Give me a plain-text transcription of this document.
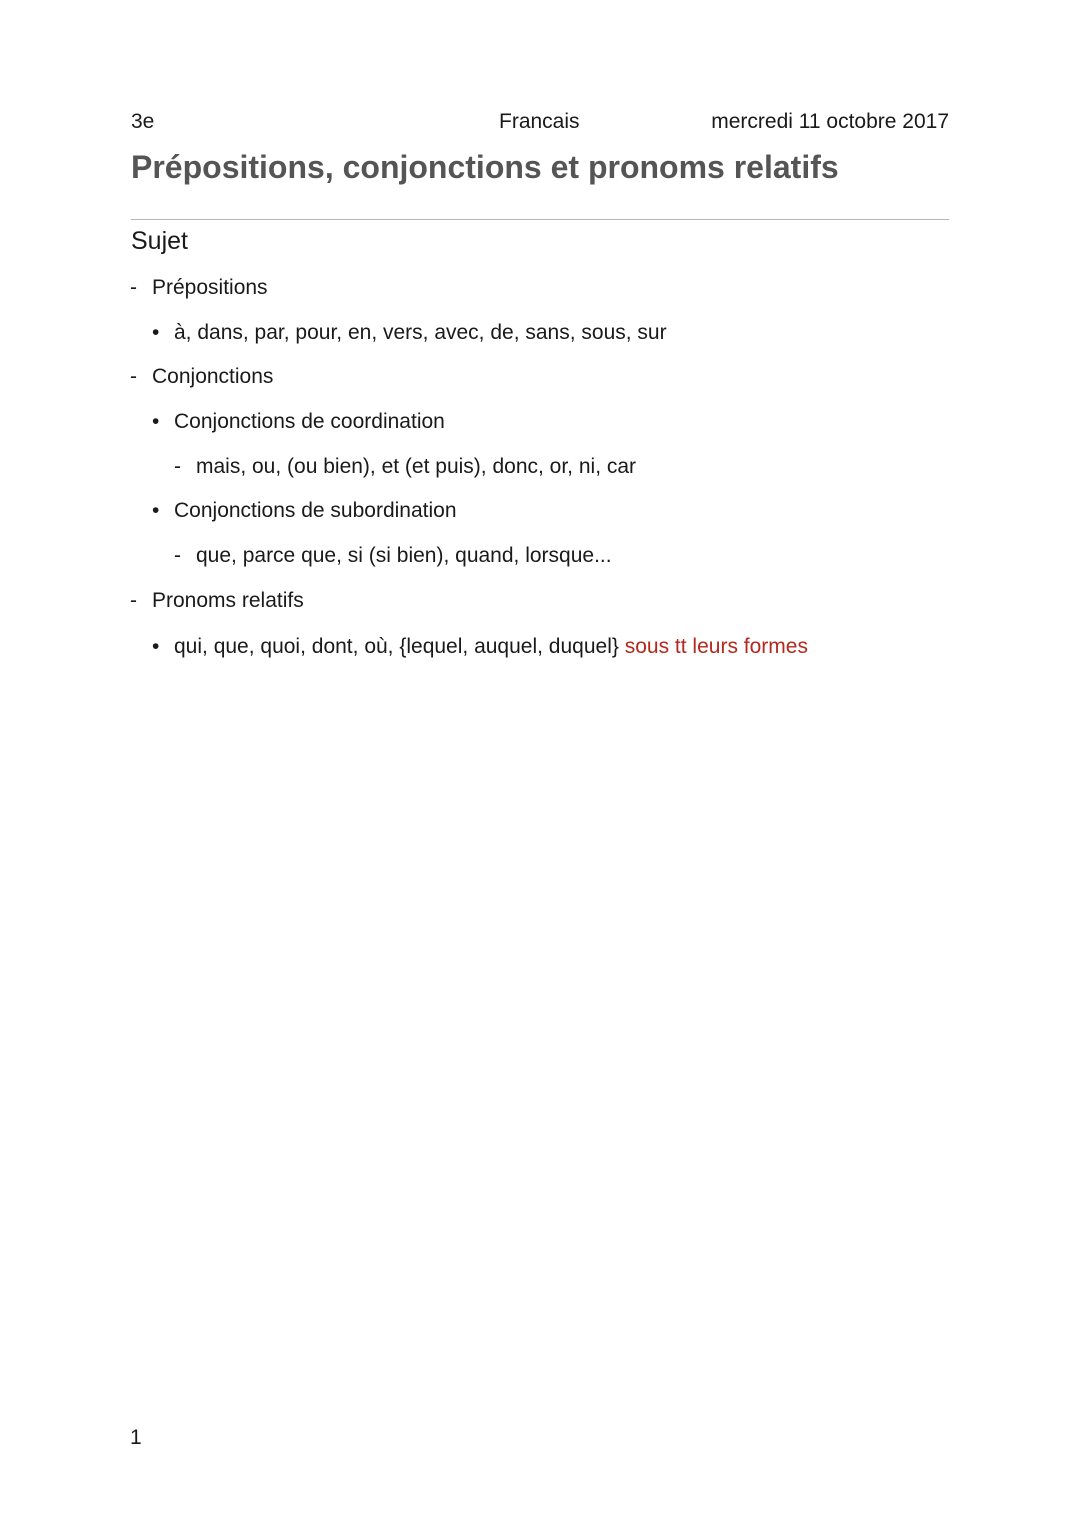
3e	Francais	mercredi 11 octobre 2017
Prépositions, conjonctions et pronoms relatifs
Sujet
- Prépositions
• à, dans, par, pour, en, vers, avec, de, sans, sous, sur
- Conjonctions
• Conjonctions de coordination
- mais, ou, (ou bien), et (et puis), donc, or, ni, car
• Conjonctions de subordination
- que, parce que, si (si bien), quand, lorsque...
- Pronoms relatifs
• qui, que, quoi, dont, où, {lequel, auquel, duquel} sous tt leurs formes
1
